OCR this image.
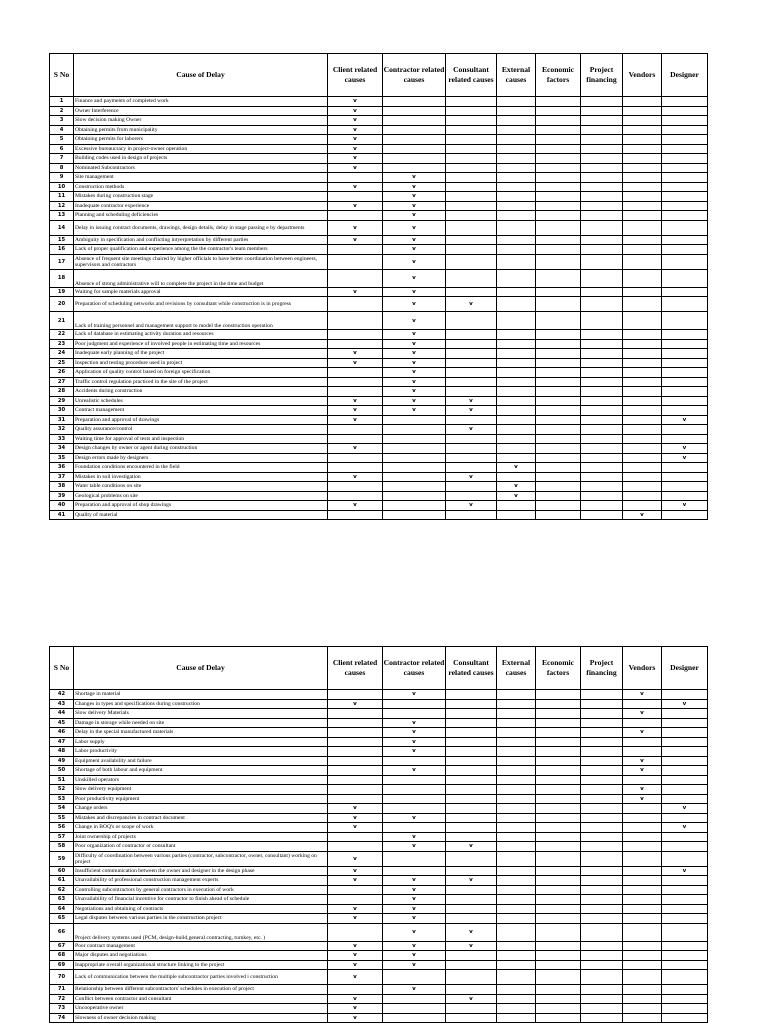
S No	Cause of Delay	Client related causes	Contractor related causes	Consultant related causes	External causes	Economic factors	Project financing	Vendors	Designer
1	Finance and payments of completed work	v							
2	Owner Interference	v							
3	Slow decision making Owner	v							
4	Obtaining permits from municipality	v							
5	Obtaining permits for laborers	v							
6	Excessive bureaucracy in project-owner operation	v							
7	Building codes used in design of projects	v							
8	Nominated Subcontractors	v							
9	Site management		v						
10	Construction methods	v	v						
11	Mistakes during construction stage		v						
12	Inadequate contractor experience	v	v						
13	Planning and scheduling deficiencies		v						
14	Delay in issuing contract documents, drawings, design details, delay in stage passing e by departments	v	v						
15	Ambiguity in specification and conflicting intyerpretation by different parties	v	v						
16	Lack of proper qualification and experience among the the contractor's team members		v						
17	Absence of frequent site meetings chaired by higher officials to have better coordination between engineers, supervisors and contractors		v						
18	Absence of strong administrative will to complete the project in the time and budget		v						
19	Waiting for sample materials approval	v	v						
20	Preparation of scheduling networks and revisions by consultant while construction is in progress		v	v					
21	Lack of training personnel and management support to model the construction operation		v						
22	Lack of database in estimating activity duration and resources		v						
23	Poor judgment and experience of involved people in estimating time and resources		v						
24	Inadequate early planning of the project	v	v						
25	Inspection and testing procedure used in project	v	v						
26	Application of quality control based on foreign specification		v						
27	Traffic control regulation practiced in the site of the project		v						
28	Accidents during construction		v						
29	Unrealistic schedules	v	v	v					
30	Contract management	v	v	v					
31	Preparation and approval of drawings	v							v
32	Quality assurance/control			v					
33	Waiting time for approval of tests and inspection								
34	Design changes by owner or agent during construction	v							v
35	Design errors made by designers								v
36	Foundation conditions encountered in the field				v				
37	Mistakes in soil investigation	v		v					
38	Water table conditions on site				v				
39	Geological problems on site				v				
40	Preparation and approval of shop drawings	v		v					v
41	Quality of material							v	
S No	Cause of Delay	Client related causes	Contractor related causes	Consultant related causes	External causes	Economic factors	Project financing	Vendors	Designer
42	Shortage in material		v					v	
43	Changes in types and specifications during construction	v							v
44	Slow delivery Materials							v	
45	Damage in storage while needed on site		v						
46	Delay in the special manufactured materials		v					v	
47	Labor supply		v						
48	Labor productivity		v						
49	Equipment availability and failure							v	
50	Shortage of both labour and equipment		v					v	
51	Unskilled operators								
52	Slow delivery equipment							v	
53	Poor productivity equipment							v	
54	Change orders	v							v
55	Mistakes and discrepancies in contract document	v	v						
56	Change in BOQ's or scope of work	v							v
57	Joint ownership of projects		v						
58	Poor organization of contractor or consultant		v	v					
59	Difficulty of coordination between various parties (contractor, subcontractor, owner, consultant) working on project	v							
60	Insufficient communication between the owner and designer in the design phase	v							v
61	Unavailability of professional construction management experts	v	v	v					
62	Controlling subcontractors by general contractors in execution of work		v						
63	Unavailability of financial incentive for contractor to finish ahead of schedule		v						
64	Negotiations and obtaining of contracts	v	v						
65	Legal disputes between various parties in the construction project	v	v						
66	Project delivery systems used (PCM, design-build,general contracting, turnkey, etc. )		v	v					
67	Poor contract management	v	v	v					
68	Major disputes and negotiations	v	v						
69	Inappropriate overall organizational structure linking to the project	v	v						
70	Lack of communication between the multiple subcontractor parties involved i construction	v							
71	Relationship between different subcontractors' schedules in execution of project		v						
72	Conflict between contractor and consultant	v		v					
73	Uncooperative owner	v							
74	Slowness of owner decision making	v							
